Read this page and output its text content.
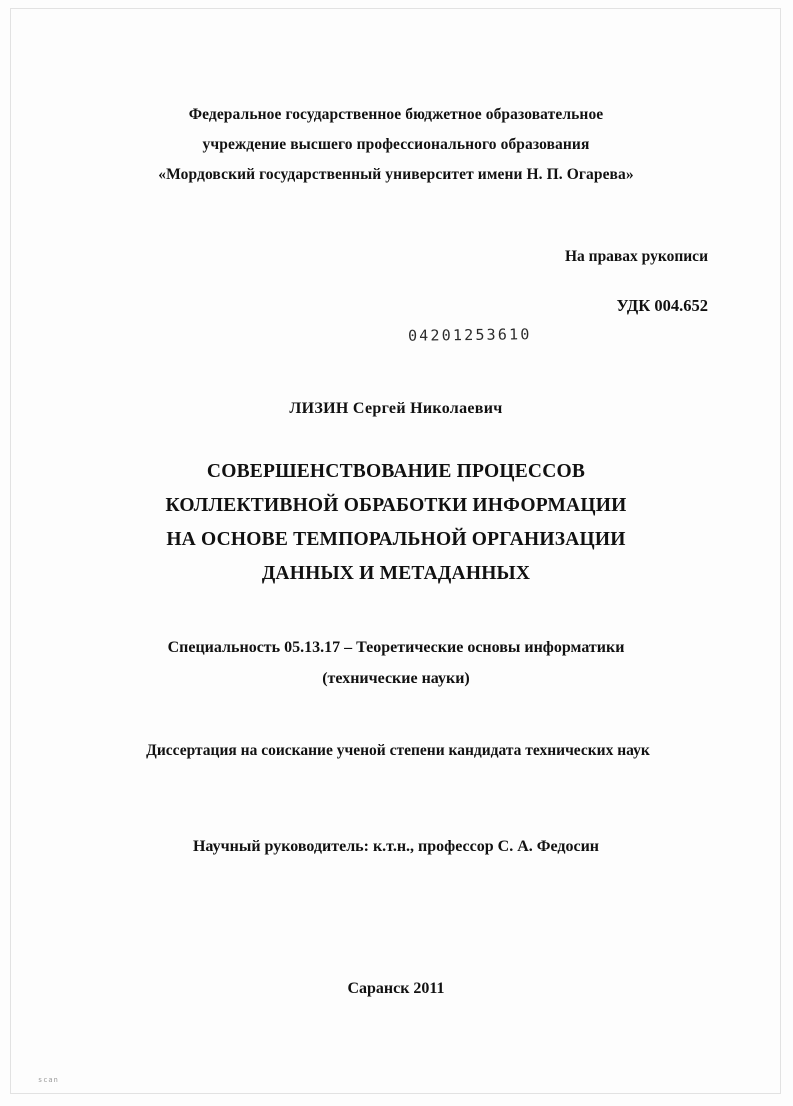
Федеральное государственное бюджетное образовательное
учреждение высшего профессионального образования
«Мордовский государственный университет имени Н. П. Огарева»
На правах рукописи
УДК 004.652
04201253610
ЛИЗИН Сергей Николаевич
СОВЕРШЕНСТВОВАНИЕ ПРОЦЕССОВ
КОЛЛЕКТИВНОЙ ОБРАБОТКИ ИНФОРМАЦИИ
НА ОСНОВЕ ТЕМПОРАЛЬНОЙ ОРГАНИЗАЦИИ
ДАННЫХ И МЕТАДАННЫХ
Специальность 05.13.17 – Теоретические основы информатики
(технические науки)
Диссертация на соискание ученой степени кандидата технических наук
Научный руководитель: к.т.н., профессор С. А. Федосин
Саранск 2011
scan
